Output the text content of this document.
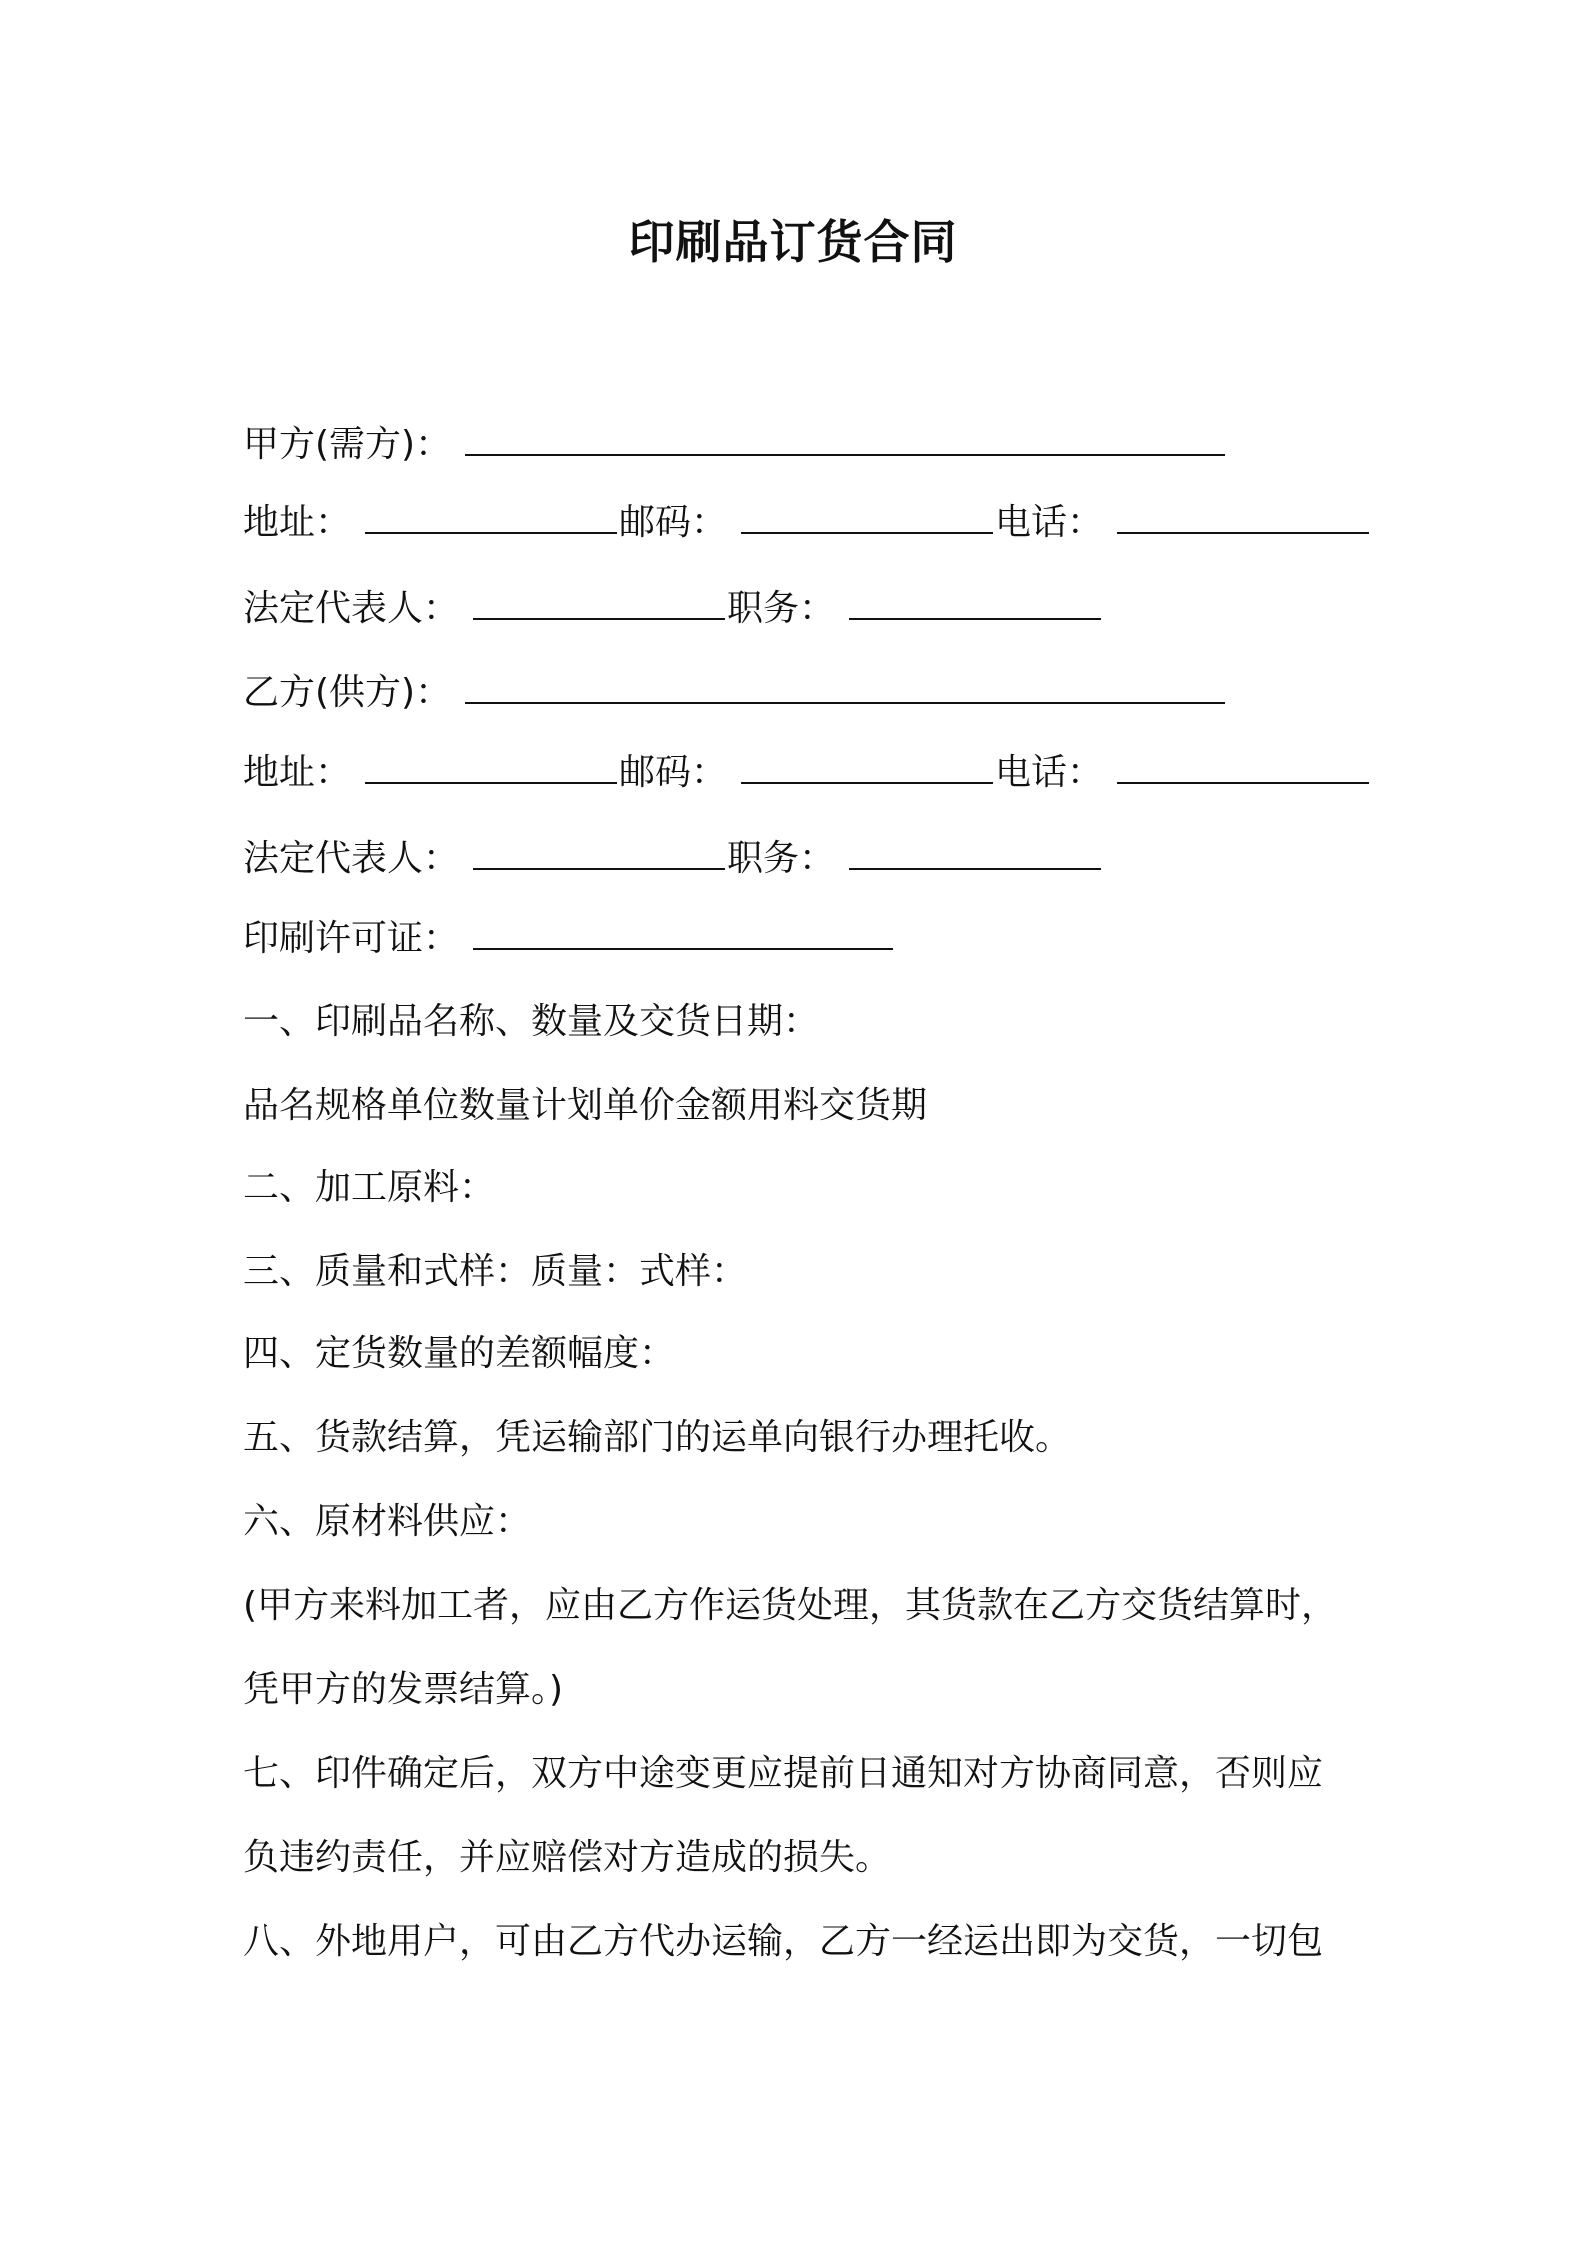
印刷品订货合同
甲方(需方)：
地址：	邮码：	电话：
法定代表人：	职务：
乙方(供方)：
地址：	邮码：	电话：
法定代表人：	职务：
印刷许可证：
一、印刷品名称、数量及交货日期：
品名规格单位数量计划单价金额用料交货期
二、加工原料：
三、质量和式样：质量：式样：
四、定货数量的差额幅度：
五、货款结算，凭运输部门的运单向银行办理托收。
六、原材料供应：
(甲方来料加工者，应由乙方作运货处理，其货款在乙方交货结算时，
凭甲方的发票结算。)
七、印件确定后，双方中途变更应提前日通知对方协商同意，否则应
负违约责任，并应赔偿对方造成的损失。
八、外地用户，可由乙方代办运输，乙方一经运出即为交货，一切包
